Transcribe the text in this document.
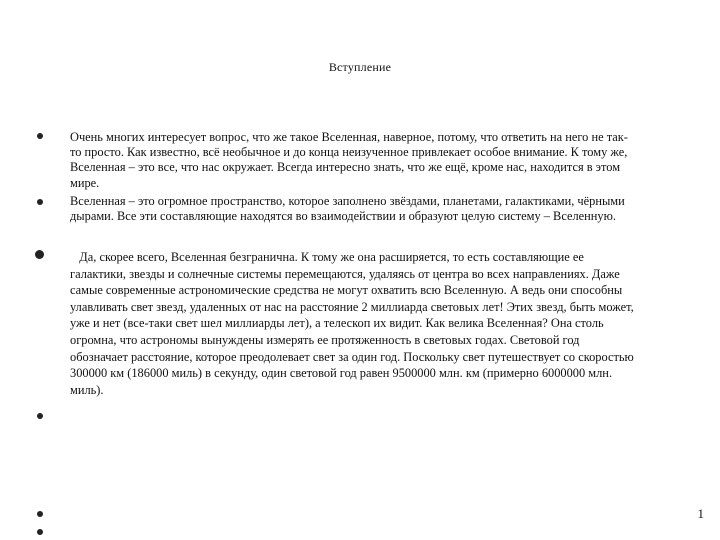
Вступление
Очень многих интересует вопрос, что же такое Вселенная, наверное, потому, что ответить на него не так-
то просто. Как известно, всё необычное и до конца неизученное привлекает особое внимание. К тому же,
Вселенная – это все, что нас окружает. Всегда интересно знать, что же ещё, кроме нас, находится в этом
мире.
Вселенная – это огромное пространство, которое заполнено звёздами, планетами, галактиками, чёрными
дырами. Все эти составляющие находятся во взаимодействии и образуют целую систему – Вселенную.
Да, скорее всего, Вселенная безгранична. К тому же она расширяется, то есть составляющие ее
галактики, звезды и солнечные системы перемещаются, удаляясь от центра во всех направлениях. Даже
самые современные астрономические средства не могут охватить всю Вселенную. А ведь они способны
улавливать свет звезд, удаленных от нас на расстояние 2 миллиарда световых лет! Этих звезд, быть может,
уже и нет (все-таки свет шел миллиарды лет), а телескоп их видит. Как велика Вселенная? Она столь
огромна, что астрономы вынуждены измерять ее протяженность в световых годах. Световой год
обозначает расстояние, которое преодолевает свет за один год. Поскольку свет путешествует со скоростью
300000 км (186000 миль) в секунду, один световой год равен 9500000 млн. км (примерно 6000000 млн.
миль).
1
